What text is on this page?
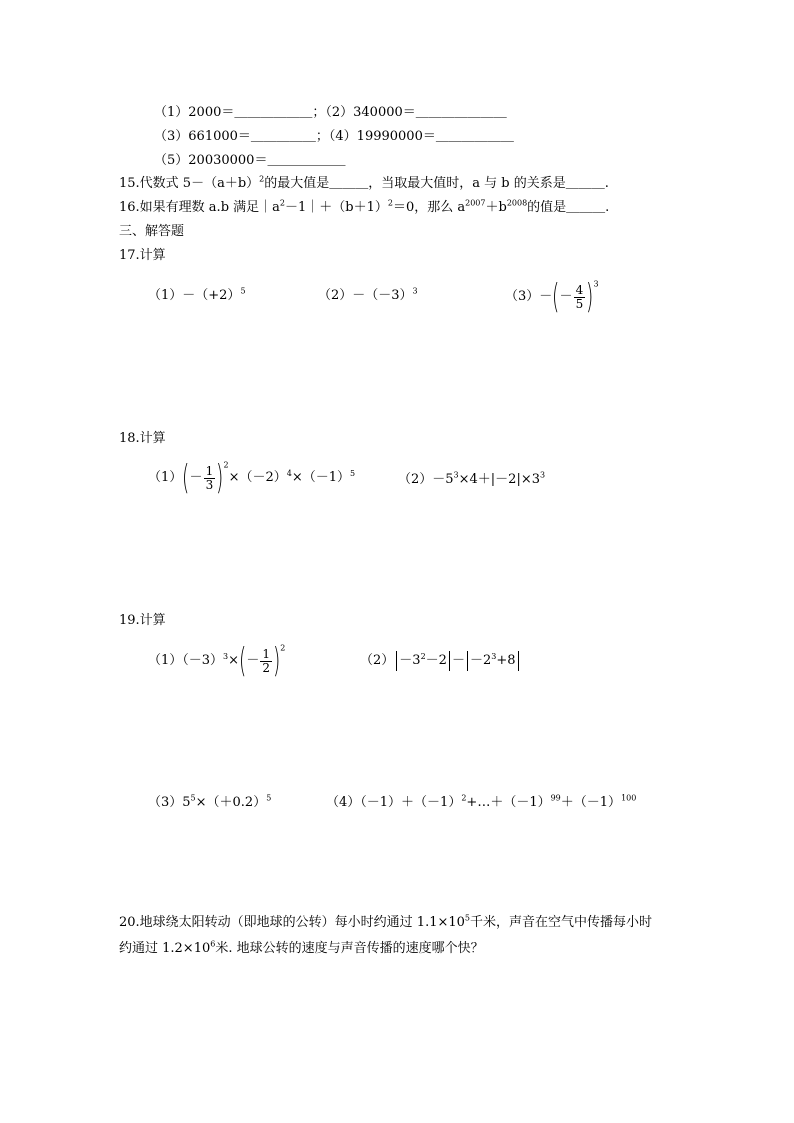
（1）2000＝＿＿＿＿＿＿；（2）340000＝＿＿＿＿＿＿＿
（3）661000＝＿＿＿＿＿；（4）19990000＝＿＿＿＿＿＿
（5）20030000＝＿＿＿＿＿＿
15.代数式 $5-(a+b)^2$的最大值是＿＿＿，当取最大值时，a 与 b 的关系是＿＿＿.
16.如果有理数 a.b 满足$|a^2-1|+(b+1)^2=0$，那么 $a^{2007}+b^{2008}$的值是＿＿＿.
三、解答题
17.计算
$(1)-(+2)^5$	$(2)-(-3)^3$	$(3)-(- \frac{4}{5} )^3$
18.计算
$(1)(- \frac{1}{3} )^2\times(-2)^4\times(-1)^5$	$(2)-5^3\times 4+|-2|\times 3^3$
19.计算
$(1)(-3)^3\times(- \frac{1}{2} )^2$
$(2) -3^2-2 - -2^3+8$
$(3)5^5\times(+0.2)^5$	$(4)(-1)+(-1)^2+\dots+(-1)^{99}+(-1)^{100}$
20.地球绕太阳转动（即地球的公转）每小时约通过 $1.1\times 10^5$千米，声音在空气中传播每小时
约通过 $1.2\times 10^6$米. 地球公转的速度与声音传播的速度哪个快？
